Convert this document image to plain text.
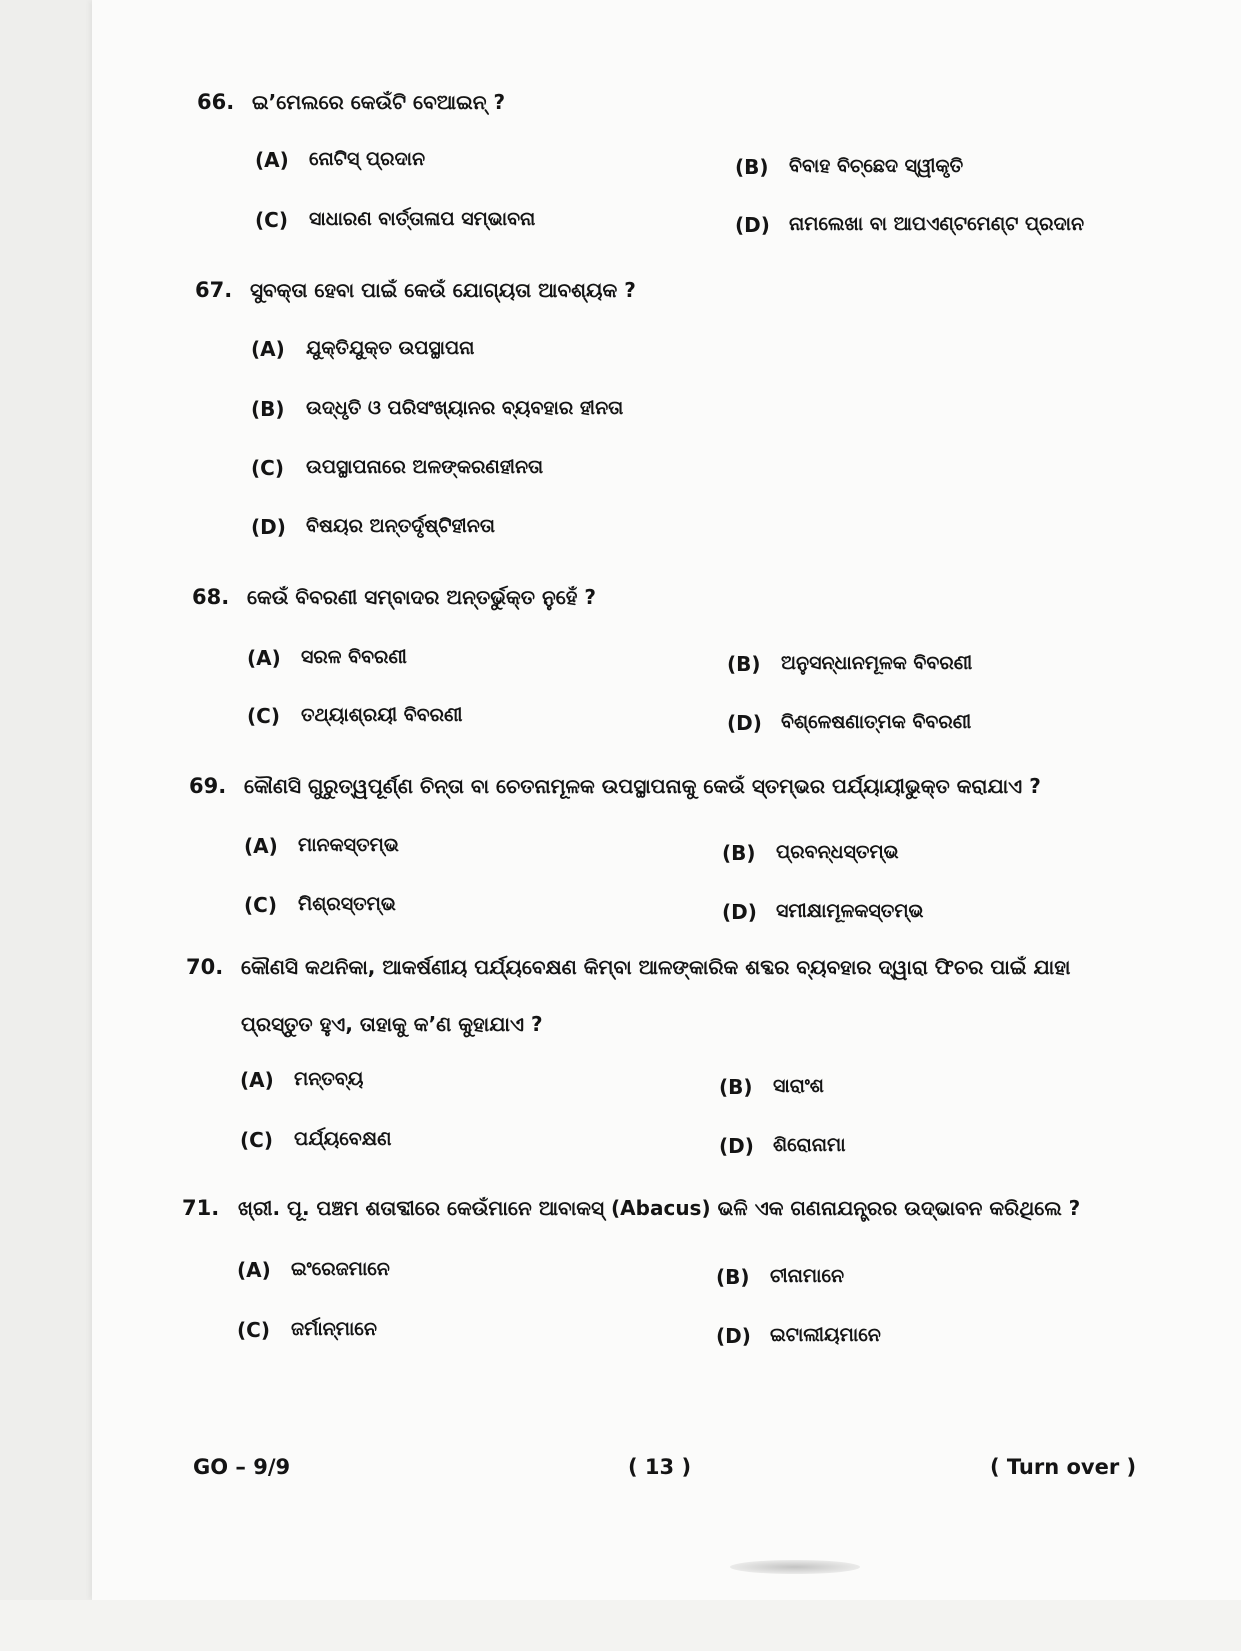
66. ଇ’ମେଲରେ କେଉଁଟି ବେଆଇନ୍ ?
(A) ନୋଟିସ୍ ପ୍ରଦାନ	(B) ବିବାହ ବିଚ୍ଛେଦ ସ୍ୱୀକୃତି
(C) ସାଧାରଣ ବାର୍ତ୍ତାଳାପ ସମ୍ଭାବନା	(D) ନାମଲେଖା ବା ଆପଏଣ୍ଟମେଣ୍ଟ ପ୍ରଦାନ
67. ସୁବକ୍ତା ହେବା ପାଇଁ କେଉଁ ଯୋଗ୍ୟତା ଆବଶ୍ୟକ ?
(A) ଯୁକ୍ତିଯୁକ୍ତ ଉପସ୍ଥାପନା
(B) ଉଦ୍ଧୃତି ଓ ପରିସଂଖ୍ୟାନର ବ୍ୟବହାର ହୀନତା
(C) ଉପସ୍ଥାପନାରେ ଅଳଙ୍କରଣହୀନତା
(D) ବିଷୟର ଅନ୍ତର୍ଦୃଷ୍ଟିହୀନତା
68. କେଉଁ ବିବରଣୀ ସମ୍ବାଦର ଅନ୍ତର୍ଭୁକ୍ତ ନୁହେଁ ?
(A) ସରଳ ବିବରଣୀ	(B) ଅନୁସନ୍ଧାନମୂଳକ ବିବରଣୀ
(C) ତଥ୍ୟାଶ୍ରୟୀ ବିବରଣୀ	(D) ବିଶ୍ଳେଷଣାତ୍ମକ ବିବରଣୀ
69. କୌଣସି ଗୁରୁତ୍ୱପୂର୍ଣ୍ଣ ଚିନ୍ତା ବା ଚେତନାମୂଳକ ଉପସ୍ଥାପନାକୁ କେଉଁ ସ୍ତମ୍ଭର ପର୍ଯ୍ୟାୟୀଭୁକ୍ତ କରାଯାଏ ?
(A) ମାନକସ୍ତମ୍ଭ	(B) ପ୍ରବନ୍ଧସ୍ତମ୍ଭ
(C) ମିଶ୍ରସ୍ତମ୍ଭ	(D) ସମୀକ୍ଷାମୂଳକସ୍ତମ୍ଭ
70. କୌଣସି କଥନିକା, ଆକର୍ଷଣୀୟ ପର୍ଯ୍ୟବେକ୍ଷଣ କିମ୍ବା ଆଳଙ୍କାରିକ ଶବ୍ଦର ବ୍ୟବହାର ଦ୍ୱାରା ଫିଚର ପାଇଁ ଯାହା
ପ୍ରସ୍ତୁତ ହୁଏ, ତାହାକୁ କ’ଣ କୁହାଯାଏ ?
(A) ମନ୍ତବ୍ୟ	(B) ସାରାଂଶ
(C) ପର୍ଯ୍ୟବେକ୍ଷଣ	(D) ଶିରୋନାମା
71. ଖ୍ରୀ. ପୂ. ପଞ୍ଚମ ଶତାବ୍ଦୀରେ କେଉଁମାନେ ଆବାକସ୍ (Abacus) ଭଳି ଏକ ଗଣନାଯନ୍ତ୍ରର ଉଦ୍ଭାବନ କରିଥିଲେ ?
(A) ଇଂରେଜମାନେ	(B) ଚୀନାମାନେ
(C) ଜର୍ମାନ୍‌ମାନେ	(D) ଇଟାଲୀୟମାନେ
GO – 9/9	( 13 )	( Turn over )
